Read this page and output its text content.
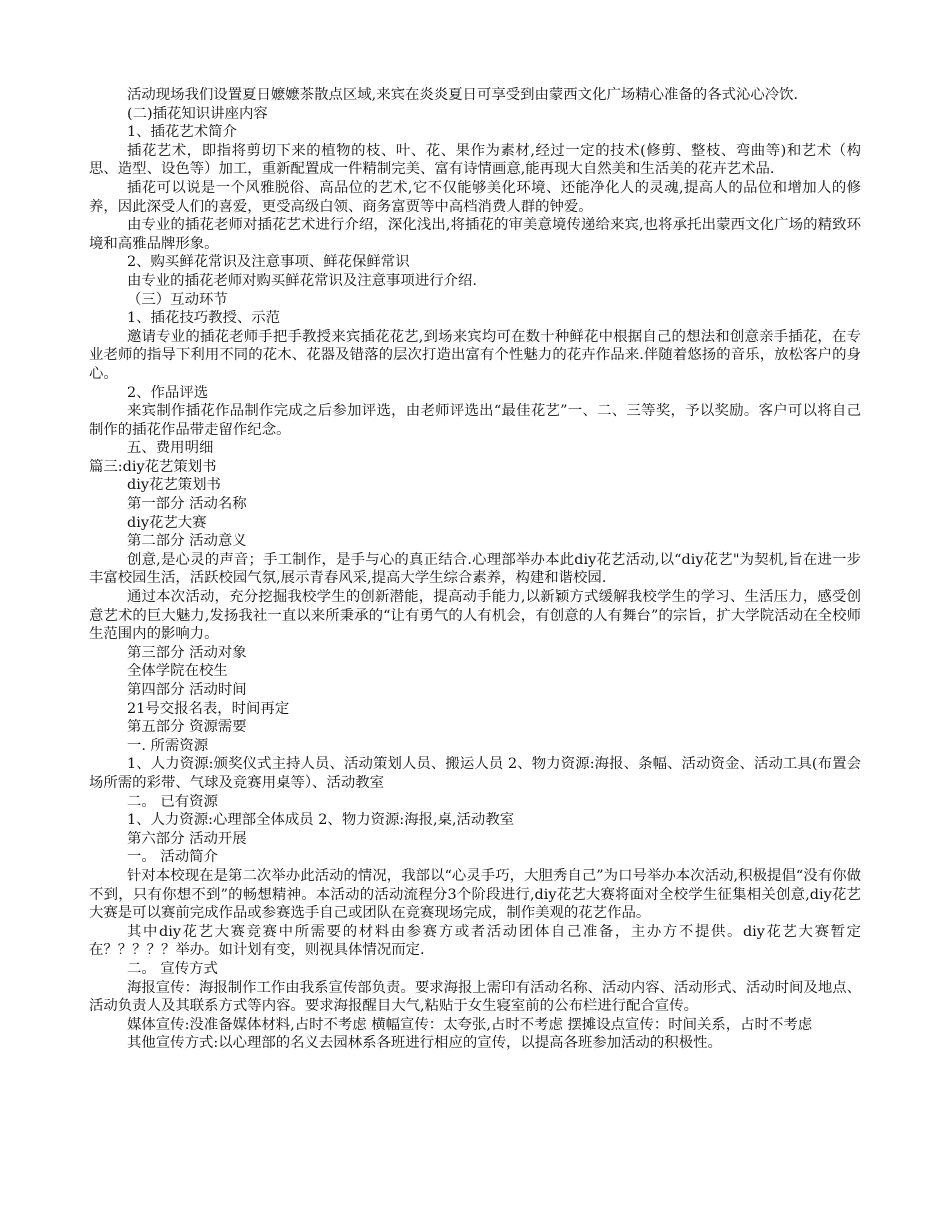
活动现场我们设置夏日嬷嬷茶散点区域,来宾在炎炎夏日可享受到由蒙西文化广场精心准备的各式沁心冷饮.

(二)插花知识讲座内容

1、插花艺术简介

插花艺术，即指将剪切下来的植物的枝、叶、花、果作为素材,经过一定的技术(修剪、整枝、弯曲等)和艺术（构思、造型、设色等）加工，重新配置成一件精制完美、富有诗情画意,能再现大自然美和生活美的花卉艺术品.

插花可以说是一个风雅脱俗、高品位的艺术,它不仅能够美化环境、还能净化人的灵魂,提高人的品位和增加人的修养，因此深受人们的喜爱，更受高级白领、商务富贾等中高档消费人群的钟爱。

由专业的插花老师对插花艺术进行介绍，深化浅出,将插花的审美意境传递给来宾,也将承托出蒙西文化广场的精致环境和高雅品牌形象。

2、购买鲜花常识及注意事项、鲜花保鲜常识

由专业的插花老师对购买鲜花常识及注意事项进行介绍.

（三）互动环节

1、插花技巧教授、示范

邀请专业的插花老师手把手教授来宾插花花艺,到场来宾均可在数十种鲜花中根据自己的想法和创意亲手插花，在专业老师的指导下利用不同的花木、花器及错落的层次打造出富有个性魅力的花卉作品来.伴随着悠扬的音乐，放松客户的身心。

2、作品评选

来宾制作插花作品制作完成之后参加评选，由老师评选出“最佳花艺”一、二、三等奖，予以奖励。客户可以将自己制作的插花作品带走留作纪念。

五、费用明细

篇三:diy花艺策划书

diy花艺策划书

第一部分 活动名称

diy花艺大赛

第二部分 活动意义

创意,是心灵的声音；手工制作，是手与心的真正结合.心理部举办本此diy花艺活动,以“diy花艺"为契机,旨在进一步丰富校园生活，活跃校园气氛,展示青春风采,提高大学生综合素养，构建和谐校园.

通过本次活动，充分挖掘我校学生的创新潜能，提高动手能力,以新颖方式缓解我校学生的学习、生活压力，感受创意艺术的巨大魅力,发扬我社一直以来所秉承的“让有勇气的人有机会，有创意的人有舞台”的宗旨，扩大学院活动在全校师生范围内的影响力。

第三部分 活动对象

全体学院在校生

第四部分 活动时间

21号交报名表，时间再定

第五部分 资源需要

一. 所需资源

1、人力资源:颁奖仪式主持人员、活动策划人员、搬运人员 2、物力资源:海报、条幅、活动资金、活动工具(布置会场所需的彩带、气球及竞赛用桌等）、活动教室

二。 已有资源

1、人力资源:心理部全体成员 2、物力资源:海报,桌,活动教室

第六部分 活动开展

一。 活动简介

针对本校现在是第二次举办此活动的情况，我部以“心灵手巧，大胆秀自己”为口号举办本次活动,积极提倡“没有你做不到，只有你想不到”的畅想精神。本活动的活动流程分3个阶段进行,diy花艺大赛将面对全校学生征集相关创意,diy花艺大赛是可以赛前完成作品或参赛选手自己或团队在竞赛现场完成，制作美观的花艺作品。

其中diy花艺大赛竞赛中所需要的材料由参赛方或者活动团体自己准备，主办方不提供。diy花艺大赛暂定在？？？？？举办。如计划有变，则视具体情况而定.

二。 宣传方式

海报宣传：海报制作工作由我系宣传部负责。要求海报上需印有活动名称、活动内容、活动形式、活动时间及地点、活动负责人及其联系方式等内容。要求海报醒目大气,粘贴于女生寝室前的公布栏进行配合宣传。

媒体宣传:没准备媒体材料,占时不考虑 横幅宣传：太夸张,占时不考虑 摆摊设点宣传：时间关系，占时不考虑

其他宣传方式:以心理部的名义去园林系各班进行相应的宣传，以提高各班参加活动的积极性。
